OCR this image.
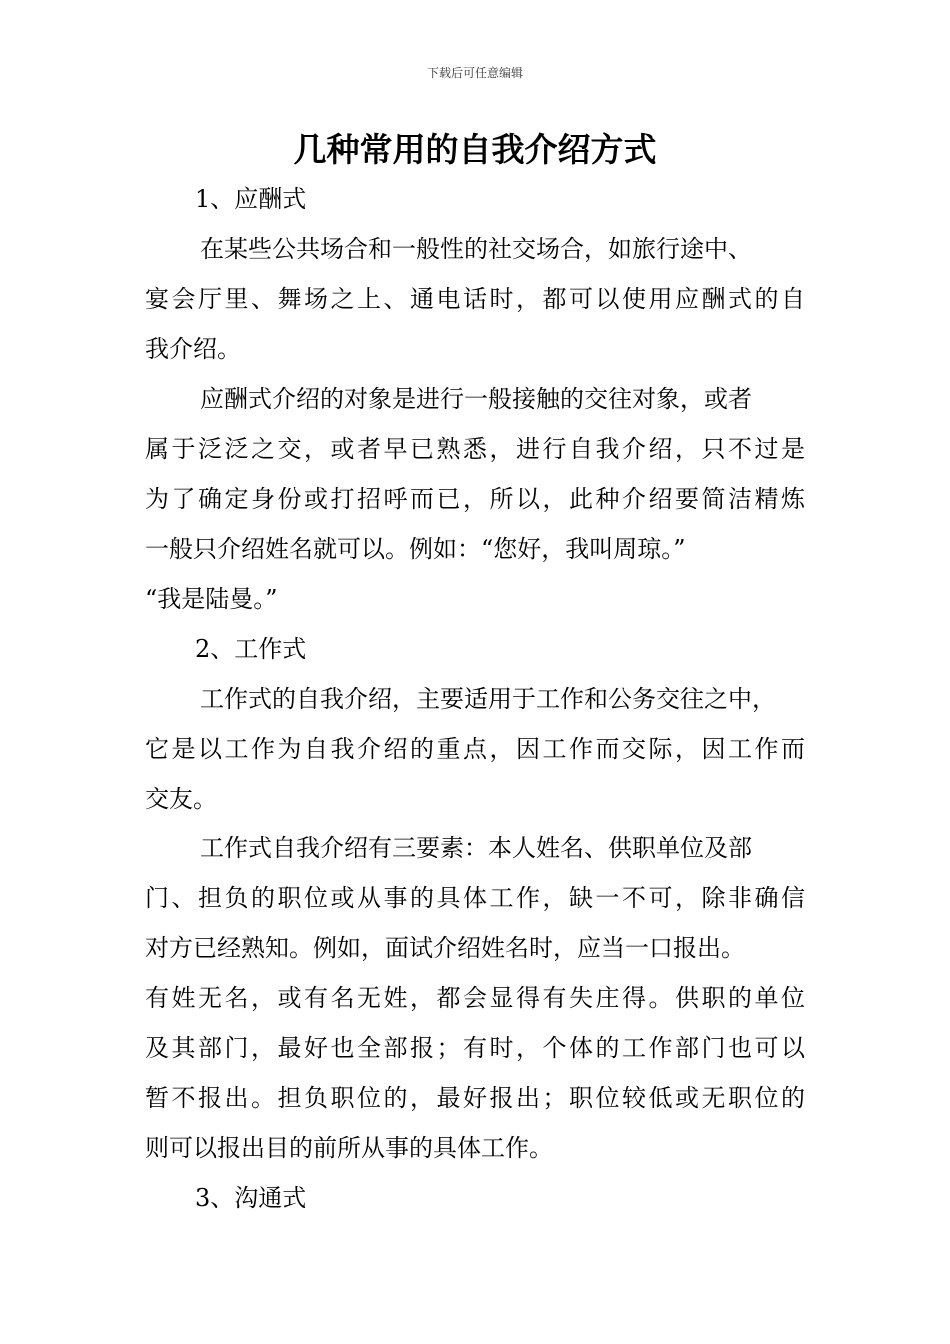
下载后可任意编辑
几种常用的自我介绍方式
1、应酬式
在某些公共场合和一般性的社交场合，如旅行途中、
宴会厅里、舞场之上、通电话时，都可以使用应酬式的自
我介绍。
应酬式介绍的对象是进行一般接触的交往对象，或者
属于泛泛之交，或者早已熟悉，进行自我介绍，只不过是
为了确定身份或打招呼而已，所以，此种介绍要简洁精炼
一般只介绍姓名就可以。例如：“您好，我叫周琼。”
“我是陆曼。”
2、工作式
工作式的自我介绍，主要适用于工作和公务交往之中，
它是以工作为自我介绍的重点，因工作而交际，因工作而
交友。
工作式自我介绍有三要素：本人姓名、供职单位及部
门、担负的职位或从事的具体工作，缺一不可，除非确信
对方已经熟知。例如，面试介绍姓名时，应当一口报出。
有姓无名，或有名无姓，都会显得有失庄得。供职的单位
及其部门，最好也全部报；有时，个体的工作部门也可以
暂不报出。担负职位的，最好报出；职位较低或无职位的
则可以报出目的前所从事的具体工作。
3、沟通式
